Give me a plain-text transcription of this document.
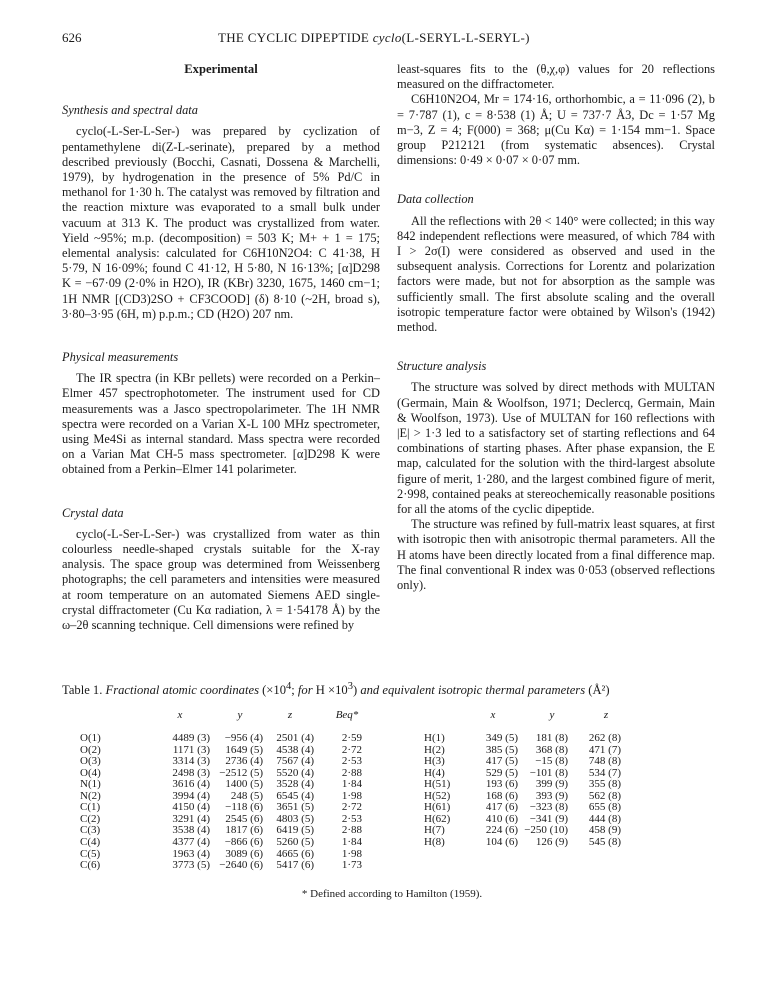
626	THE CYCLIC DIPEPTIDE cyclo(L-SERYL-L-SERYL-)
Experimental
Synthesis and spectral data

cyclo(-L-Ser-L-Ser-) was prepared by cyclization of pentamethylene di(Z-L-serinate), prepared by a method described previously (Bocchi, Casnati, Dossena & Marchelli, 1979), by hydrogenation in the presence of 5% Pd/C in methanol for 1·30 h. The catalyst was removed by filtration and the reaction mixture was evaporated to a small bulk under vacuum at 313 K. The product was crystallized from water. Yield ~95%; m.p. (decomposition) = 503 K; M+ + 1 = 175; elemental analysis: calculated for C6H10N2O4: C 41·38, H 5·79, N 16·09%; found C 41·12, H 5·80, N 16·13%; [α]D298 K = −67·09 (2·0% in H2O), IR (KBr) 3230, 1675, 1460 cm−1; 1H NMR [(CD3)2SO + CF3COOD] (δ) 8·10 (~2H, broad s), 3·80–3·95 (6H, m) p.p.m.; CD (H2O) 207 nm.

Physical measurements

The IR spectra (in KBr pellets) were recorded on a Perkin–Elmer 457 spectrophotometer. The instrument used for CD measurements was a Jasco spectropolarimeter. The 1H NMR spectra were recorded on a Varian X-L 100 MHz spectrometer, using Me4Si as internal standard. Mass spectra were recorded on a Varian Mat CH-5 mass spectrometer. [α]D298 K were obtained from a Perkin–Elmer 141 polarimeter.

Crystal data

cyclo(-L-Ser-L-Ser-) was crystallized from water as thin colourless needle-shaped crystals suitable for the X-ray analysis. The space group was determined from Weissenberg photographs; the cell parameters and intensities were measured at room temperature on an automated Siemens AED single-crystal diffractometer (Cu Kα radiation, λ = 1·54178 Å) by the ω–2θ scanning technique. Cell dimensions were refined by

least-squares fits to the (θ,χ,φ) values for 20 reflections measured on the diffractometer.

C6H10N2O4, Mr = 174·16, orthorhombic, a = 11·096 (2), b = 7·787 (1), c = 8·538 (1) Å; U = 737·7 Å3, Dc = 1·57 Mg m−3, Z = 4; F(000) = 368; μ(Cu Kα) = 1·154 mm−1. Space group P212121 (from systematic absences). Crystal dimensions: 0·49 × 0·07 × 0·07 mm.

Data collection

All the reflections with 2θ < 140° were collected; in this way 842 independent reflections were measured, of which 784 with I > 2σ(I) were considered as observed and used in the subsequent analysis. Corrections for Lorentz and polarization factors were made, but not for absorption as the sample was sufficiently small. The first absolute scaling and the overall isotropic temperature factor were obtained by Wilson's (1942) method.

Structure analysis

The structure was solved by direct methods with MULTAN (Germain, Main & Woolfson, 1971; Declercq, Germain, Main & Woolfson, 1973). Use of MULTAN for 160 reflections with |E| > 1·3 led to a satisfactory set of starting reflections and 64 combinations of starting phases. After phase expansion, the E map, calculated for the solution with the third-largest absolute figure of merit, 1·280, and the largest combined figure of merit, 2·998, contained peaks at stereochemically reasonable positions for all the atoms of the cyclic dipeptide.

The structure was refined by full-matrix least squares, at first with isotropic then with anisotropic thermal parameters. All the H atoms have been directly located from a final difference map. The final conventional R index was 0·053 (observed reflections only).

Table 1. Fractional atomic coordinates ($\times 10^4$; for $H \times 10^3$) and equivalent isotropic thermal parameters (Å²)
x	y	z	Beq*
O(1)	4489 (3)	−956 (4)	2501 (4)	2·59
O(2)	1171 (3)	1649 (5)	4538 (4)	2·72
O(3)	3314 (3)	2736 (4)	7567 (4)	2·53
O(4)	2498 (3) −2512 (5)	5520 (4)	2·88
N(1)	3616 (4)	1400 (5)	3528 (4)	1·84
N(2)	3994 (4)	248 (5)	6545 (4)	1·98
C(1)	4150 (4)	−118 (6)	3651 (5)	2·72
C(2)	3291 (4)	2545 (6)	4803 (5)	2·53
C(3)	3538 (4)	1817 (6)	6419 (5)	2·88
C(4)	4377 (4)	−866 (6)	5260 (5)	1·84
C(5)	1963 (4)	3089 (6)	4665 (6)	1·98
C(6)	3773 (5) −2640 (6)	5417 (6)	1·73
x	y	z
H(1)	349 (5)	181 (8)	262 (8)
H(2)	385 (5)	368 (8)	471 (7)
H(3)	417 (5)	−15 (8)	748 (8)
H(4)	529 (5)	−101 (8)	534 (7)
H(51)	193 (6)	399 (9)	355 (8)
H(52)	168 (6)	393 (9)	562 (8)
H(61)	417 (6)	−323 (8)	655 (8)
H(62)	410 (6)	−341 (9)	444 (8)
H(7)	224 (6) −250 (10)	458 (9)
H(8)	104 (6)	126 (9)	545 (8)
* Defined according to Hamilton (1959).
